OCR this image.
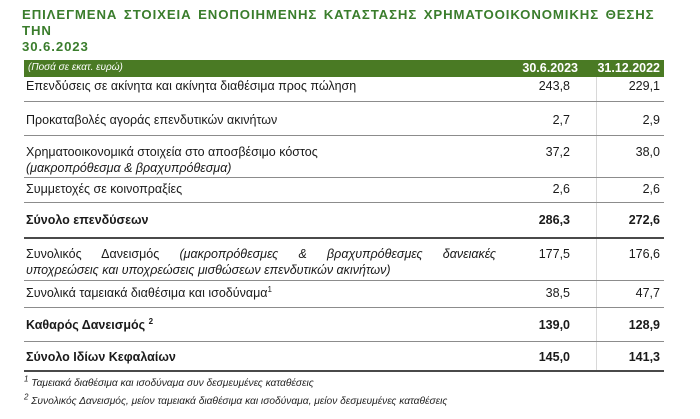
ΕΠΙΛΕΓΜΕΝΑ ΣΤΟΙΧΕΙΑ ΕΝΟΠΟΙΗΜΕΝΗΣ ΚΑΤΑΣΤΑΣΗΣ ΧΡΗΜΑΤΟΟΙΚΟΝΟΜΙΚΗΣ ΘΕΣΗΣ ΤΗΝ
30.6.2023
(Ποσά σε εκατ. ευρώ)	30.6.2023 31.12.2022
Επενδύσεις σε ακίνητα και ακίνητα διαθέσιμα προς πώληση	243,8	229,1
Προκαταβολές αγοράς επενδυτικών ακινήτων	2,7	2,9
Χρηματοοικονομικά στοιχεία στο αποσβέσιμο κόστος
(μακροπρόθεσμα & βραχυπρόθεσμα)
37,2	38,0
Συμμετοχές σε κοινοπραξίες	2,6	2,6
Σύνολο επενδύσεων	286,3	272,6
Συνολικός Δανεισμός (μακροπρόθεσμες & βραχυπρόθεσμες δανειακές
υποχρεώσεις και υποχρεώσεις μισθώσεων επενδυτικών ακινήτων)
177,5	176,6
Συνολικά ταμειακά διαθέσιμα και ισοδύναμα$^1$	38,5	47,7
Καθαρός Δανεισμός $^2$	139,0	128,9
Σύνολο Ιδίων Κεφαλαίων	145,0	141,3
$^1$ Ταμειακά διαθέσιμα και ισοδύναμα συν δεσμευμένες καταθέσεις
$^2$ Συνολικός Δανεισμός, μείον ταμειακά διαθέσιμα και ισοδύναμα, μείον δεσμευμένες καταθέσεις
